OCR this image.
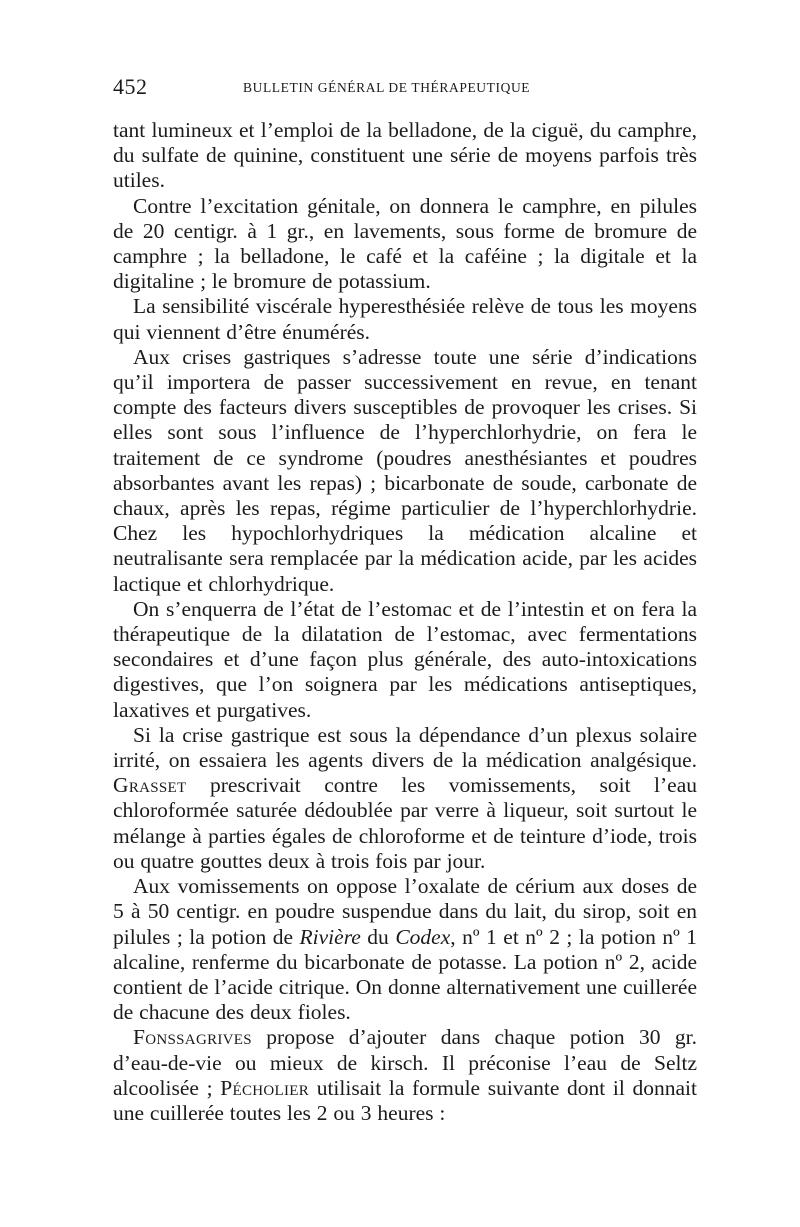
452	BULLETIN GÉNÉRAL DE THÉRAPEUTIQUE

tant lumineux et l’emploi de la belladone, de la ciguë, du camphre, du sulfate de quinine, constituent une série de moyens parfois très utiles.

Contre l’excitation génitale, on donnera le camphre, en pilules de 20 centigr. à 1 gr., en lavements, sous forme de bromure de camphre ; la belladone, le café et la caféine ; la digitale et la digitaline ; le bromure de potassium.

La sensibilité viscérale hyperesthésiée relève de tous les moyens qui viennent d’être énumérés.

Aux crises gastriques s’adresse toute une série d’indications qu’il importera de passer successivement en revue, en tenant compte des facteurs divers susceptibles de provoquer les crises. Si elles sont sous l’influence de l’hyperchlorhydrie, on fera le traitement de ce syndrome (poudres anesthésiantes et poudres absorbantes avant les repas) ; bicarbonate de soude, carbonate de chaux, après les repas, régime particulier de l’hyperchlorhydrie. Chez les hypochlorhydriques la médication alcaline et neutralisante sera remplacée par la médication acide, par les acides lactique et chlorhydrique.

On s’enquerra de l’état de l’estomac et de l’intestin et on fera la thérapeutique de la dilatation de l’estomac, avec fermentations secondaires et d’une façon plus générale, des auto-intoxications digestives, que l’on soignera par les médications antiseptiques, laxatives et purgatives.

Si la crise gastrique est sous la dépendance d’un plexus solaire irrité, on essaiera les agents divers de la médication analgésique. Grasset prescrivait contre les vomissements, soit l’eau chloroformée saturée dédoublée par verre à liqueur, soit surtout le mélange à parties égales de chloroforme et de teinture d’iode, trois ou quatre gouttes deux à trois fois par jour.

Aux vomissements on oppose l’oxalate de cérium aux doses de 5 à 50 centigr. en poudre suspendue dans du lait, du sirop, soit en pilules ; la potion de Rivière du Codex, nº 1 et nº 2 ; la potion nº 1 alcaline, renferme du bicarbonate de potasse. La potion nº 2, acide contient de l’acide citrique. On donne alternativement une cuillerée de chacune des deux fioles.

Fonssagrives propose d’ajouter dans chaque potion 30 gr. d’eau-de-vie ou mieux de kirsch. Il préconise l’eau de Seltz alcoolisée ; Pécholier utilisait la formule suivante dont il donnait une cuillerée toutes les 2 ou 3 heures :
